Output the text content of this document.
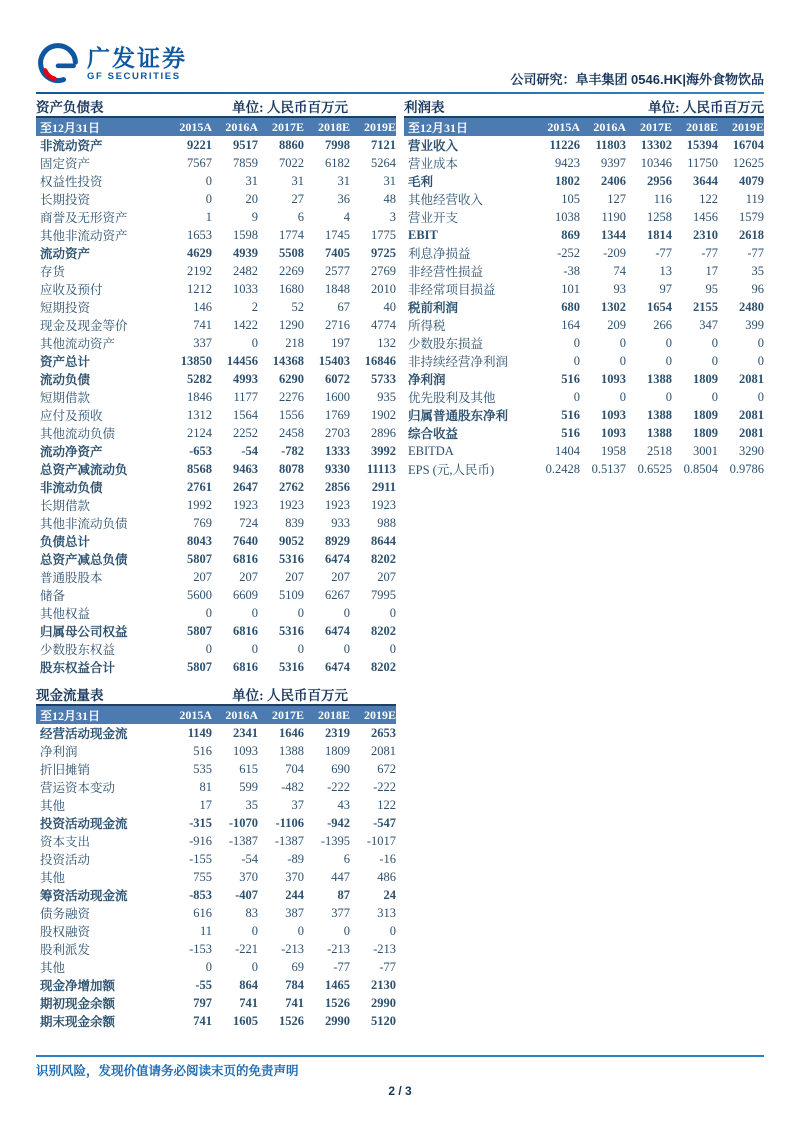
广发证券
GF SECURITIES	公司研究：阜丰集团 0546.HK|海外食物饮品
资产负债表	单位: 人民币百万元
至12月31日	2015A	2016A	2017E	2018E	2019E
非流动资产	9221	9517	8860	7998	7121
固定资产	7567	7859	7022	6182	5264
权益性投资	0	31	31	31	31
长期投资	0	20	27	36	48
商誉及无形资产	1	9	6	4	3
其他非流动资产	1653	1598	1774	1745	1775
流动资产	4629	4939	5508	7405	9725
存货	2192	2482	2269	2577	2769
应收及预付	1212	1033	1680	1848	2010
短期投资	146	2	52	67	40
现金及现金等价	741	1422	1290	2716	4774
其他流动资产	337	0	218	197	132
资产总计	13850	14456	14368	15403	16846
流动负债	5282	4993	6290	6072	5733
短期借款	1846	1177	2276	1600	935
应付及预收	1312	1564	1556	1769	1902
其他流动负债	2124	2252	2458	2703	2896
流动净资产	-653	-54	-782	1333	3992
总资产减流动负	8568	9463	8078	9330	11113
非流动负债	2761	2647	2762	2856	2911
长期借款	1992	1923	1923	1923	1923
其他非流动负债	769	724	839	933	988
负债总计	8043	7640	9052	8929	8644
总资产减总负债	5807	6816	5316	6474	8202
普通股股本	207	207	207	207	207
储备	5600	6609	5109	6267	7995
其他权益	0	0	0	0	0
归属母公司权益	5807	6816	5316	6474	8202
少数股东权益	0	0	0	0	0
股东权益合计	5807	6816	5316	6474	8202
现金流量表	单位: 人民币百万元
至12月31日	2015A	2016A	2017E	2018E	2019E
经营活动现金流	1149	2341	1646	2319	2653
净利润	516	1093	1388	1809	2081
折旧摊销	535	615	704	690	672
营运资本变动	81	599	-482	-222	-222
其他	17	35	37	43	122
投资活动现金流	-315	-1070	-1106	-942	-547
资本支出	-916	-1387	-1387	-1395	-1017
投资活动	-155	-54	-89	6	-16
其他	755	370	370	447	486
筹资活动现金流	-853	-407	244	87	24
债务融资	616	83	387	377	313
股权融资	11	0	0	0	0
股利派发	-153	-221	-213	-213	-213
其他	0	0	69	-77	-77
现金净增加额	-55	864	784	1465	2130
期初现金余额	797	741	741	1526	2990
期末现金余额	741	1605	1526	2990	5120
利润表	单位: 人民币百万元
至12月31日	2015A	2016A	2017E	2018E	2019E
营业收入	11226	11803	13302	15394	16704
营业成本	9423	9397	10346	11750	12625
毛利	1802	2406	2956	3644	4079
其他经营收入	105	127	116	122	119
营业开支	1038	1190	1258	1456	1579
EBIT	869	1344	1814	2310	2618
利息净损益	-252	-209	-77	-77	-77
非经营性损益	-38	74	13	17	35
非经常项目损益	101	93	97	95	96
税前利润	680	1302	1654	2155	2480
所得税	164	209	266	347	399
少数股东损益	0	0	0	0	0
非持续经营净利润	0	0	0	0	0
净利润	516	1093	1388	1809	2081
优先股利及其他	0	0	0	0	0
归属普通股东净利	516	1093	1388	1809	2081
综合收益	516	1093	1388	1809	2081
EBITDA	1404	1958	2518	3001	3290
EPS (元,人民币)	0.2428 0.5137 0.6525 0.8504 0.9786
识别风险，发现价值请务必阅读末页的免责声明
2 / 3
